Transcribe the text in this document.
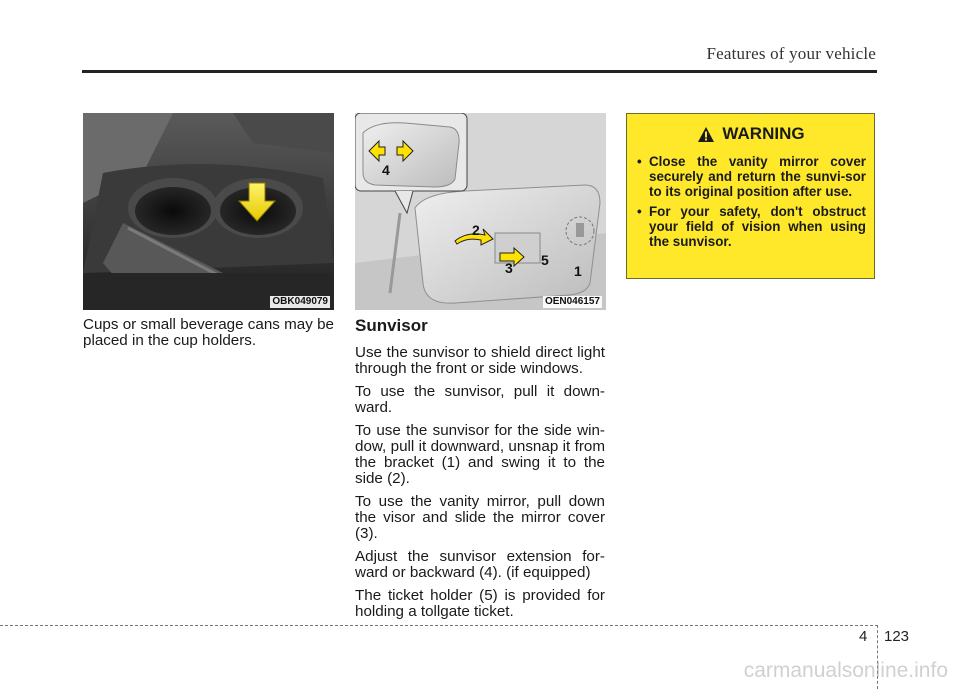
Features of your vehicle
OBK049079
4
2
3 5
1
OEN046157

Cups or small beverage cans may be placed in the cup holders.

Sunvisor

Use the sunvisor to shield direct light through the front or side windows.

To use the sunvisor, pull it down-ward.

To use the sunvisor for the side win-dow, pull it downward, unsnap it from the bracket (1) and swing it to the side (2).

To use the vanity mirror, pull down the visor and slide the mirror cover (3).

Adjust the sunvisor extension for-ward or backward (4). (if equipped)

The ticket holder (5) is provided for holding a tollgate ticket.

WARNING
• Close the vanity mirror cover securely and return the sunvi-sor to its original position after use.
• For your safety, don't obstruct your field of vision when using the sunvisor.
4 123
carmanualsonline.info
